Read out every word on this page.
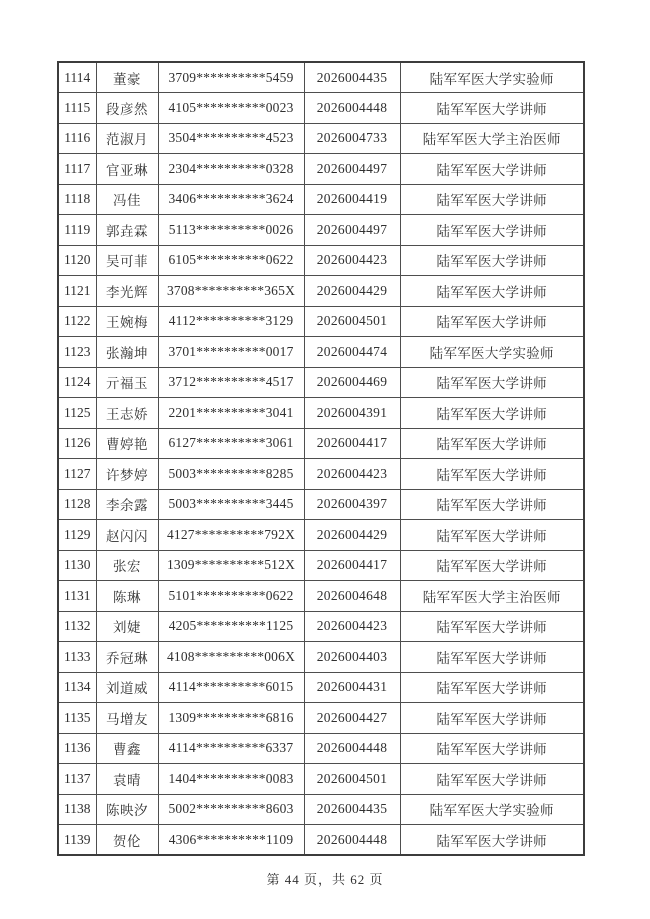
1114	董豪	3709**********5459	2026004435	陆军军医大学实验师
1115	段彦然	4105**********0023	2026004448	陆军军医大学讲师
1116	范淑月	3504**********4523	2026004733	陆军军医大学主治医师
1117	官亚琳	2304**********0328	2026004497	陆军军医大学讲师
1118	冯佳	3406**********3624	2026004419	陆军军医大学讲师
1119	郭垚霖	5113**********0026	2026004497	陆军军医大学讲师
1120	吴可菲	6105**********0622	2026004423	陆军军医大学讲师
1121	李光辉	3708**********365X	2026004429	陆军军医大学讲师
1122	王婉梅	4112**********3129	2026004501	陆军军医大学讲师
1123	张瀚坤	3701**********0017	2026004474	陆军军医大学实验师
1124	亓福玉	3712**********4517	2026004469	陆军军医大学讲师
1125	王志娇	2201**********3041	2026004391	陆军军医大学讲师
1126	曹婷艳	6127**********3061	2026004417	陆军军医大学讲师
1127	许梦婷	5003**********8285	2026004423	陆军军医大学讲师
1128	李余露	5003**********3445	2026004397	陆军军医大学讲师
1129	赵闪闪	4127**********792X	2026004429	陆军军医大学讲师
1130	张宏	1309**********512X	2026004417	陆军军医大学讲师
1131	陈琳	5101**********0622	2026004648	陆军军医大学主治医师
1132	刘婕	4205**********1125	2026004423	陆军军医大学讲师
1133	乔冠琳	4108**********006X	2026004403	陆军军医大学讲师
1134	刘道威	4114**********6015	2026004431	陆军军医大学讲师
1135	马增友	1309**********6816	2026004427	陆军军医大学讲师
1136	曹鑫	4114**********6337	2026004448	陆军军医大学讲师
1137	袁晴	1404**********0083	2026004501	陆军军医大学讲师
1138	陈映汐	5002**********8603	2026004435	陆军军医大学实验师
1139	贺伦	4306**********1109	2026004448	陆军军医大学讲师
第 44 页，共 62 页
